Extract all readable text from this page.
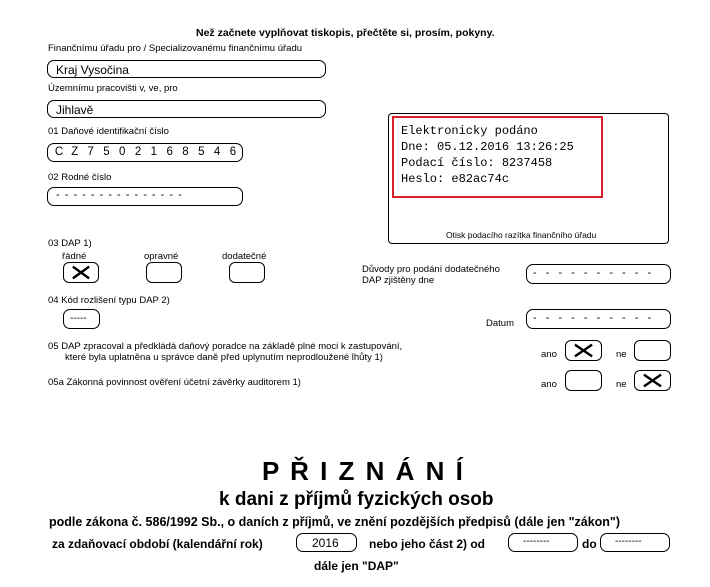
Než začnete vyplňovat tiskopis, přečtěte si, prosím, pokyny.
Finančnímu úřadu pro / Specializovanému finančnímu úřadu
Kraj Vysočina
Územnímu pracovišti v, ve, pro
Jihlavě
01 Daňové identifikační číslo
C Z 7 5 0 2 1 6 8 5 4 6
02 Rodné číslo
- - - - - - - - - - - - - - -
Elektronicky podáno
Dne: 05.12.2016 13:26:25
Podací číslo: 8237458
Heslo: e82ac74c
Otisk podacího razítka finančního úřadu
03 DAP 1)
řádné	opravné	dodatečné
Důvody pro podání dodatečného
DAP zjištěny dne
- - - - - - - - - -
04 Kód rozlišení typu DAP 2)
-----	Datum - - - - - - - - - -
05 DAP zpracoval a předkládá daňový poradce na základě plné moci k zastupování,
které byla uplatněna u správce daně před uplynutím neprodloužené lhůty 1)	ano	ne
05a Zákonná povinnost ověření účetní závěrky auditorem 1)	ano	ne
P Ř I Z N Á N Í
k dani z příjmů fyzických osob
podle zákona č. 586/1992 Sb., o daních z příjmů, ve znění pozdějších předpisů (dále jen "zákon")
za zdaňovací období (kalendářní rok)	2016	nebo jeho část 2) od	--------	do --------
dále jen "DAP"
